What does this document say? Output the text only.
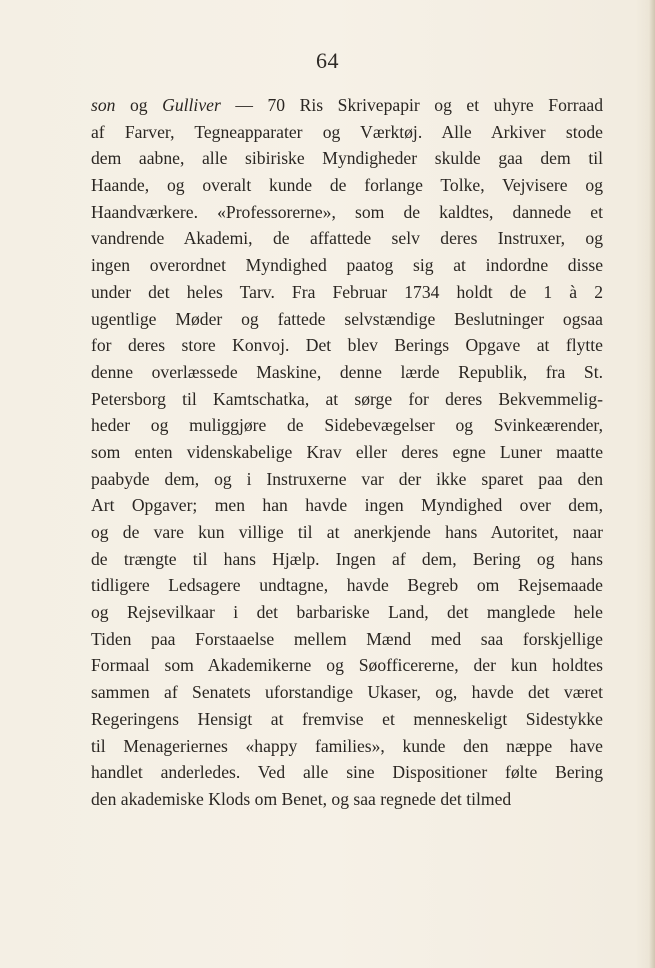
64
son og Gulliver — 70 Ris Skrivepapir og et uhyre Forraad
af Farver, Tegneapparater og Værktøj. Alle Arkiver stode
dem aabne, alle sibiriske Myndigheder skulde gaa dem til
Haande, og overalt kunde de forlange Tolke, Vejvisere og
Haandværkere. «Professorerne», som de kaldtes, dannede et
vandrende Akademi, de affattede selv deres Instruxer, og
ingen overordnet Myndighed paatog sig at indordne disse
under det heles Tarv. Fra Februar 1734 holdt de 1 à 2
ugentlige Møder og fattede selvstændige Beslutninger ogsaa
for deres store Konvoj. Det blev Berings Opgave at flytte
denne overlæssede Maskine, denne lærde Republik, fra St.
Petersborg til Kamtschatka, at sørge for deres Bekvemmelig-
heder og muliggjøre de Sidebevægelser og Svinkeærender,
som enten videnskabelige Krav eller deres egne Luner maatte
paabyde dem, og i Instruxerne var der ikke sparet paa den
Art Opgaver; men han havde ingen Myndighed over dem,
og de vare kun villige til at anerkjende hans Autoritet, naar
de trængte til hans Hjælp. Ingen af dem, Bering og hans
tidligere Ledsagere undtagne, havde Begreb om Rejsemaade
og Rejsevilkaar i det barbariske Land, det manglede hele
Tiden paa Forstaaelse mellem Mænd med saa forskjellige
Formaal som Akademikerne og Søofficererne, der kun holdtes
sammen af Senatets uforstandige Ukaser, og, havde det været
Regeringens Hensigt at fremvise et menneskeligt Sidestykke
til Menageriernes «happy families», kunde den næppe have
handlet anderledes. Ved alle sine Dispositioner følte Bering
den akademiske Klods om Benet, og saa regnede det tilmed
